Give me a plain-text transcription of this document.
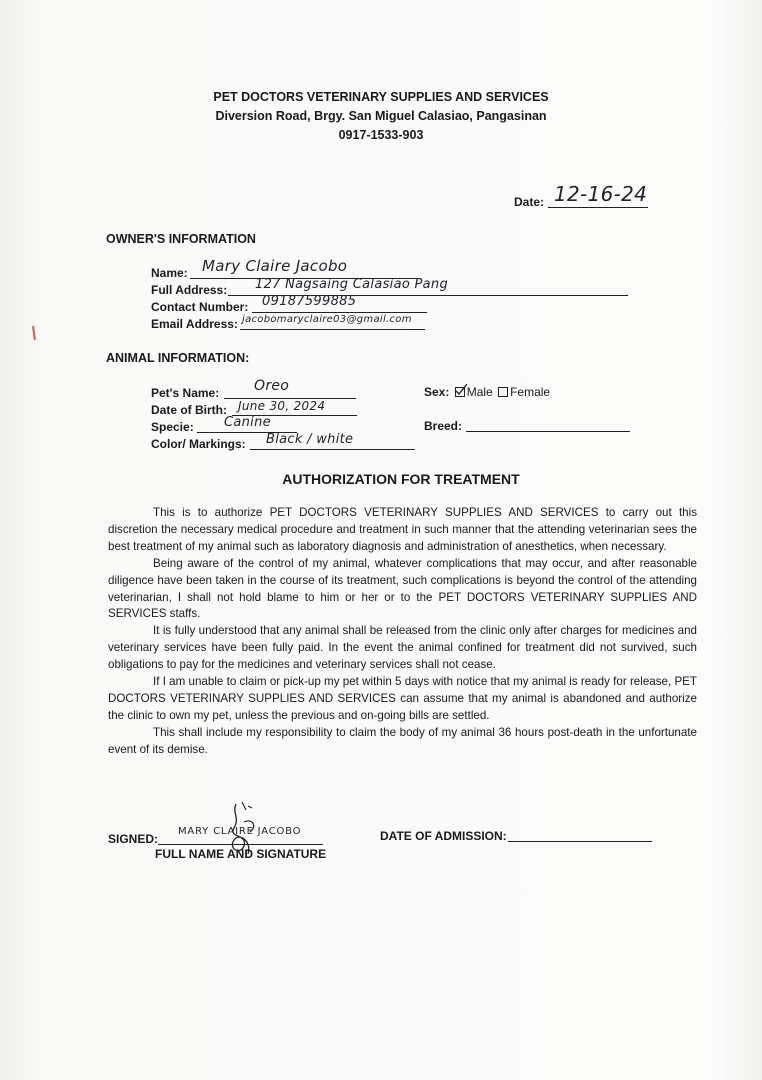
PET DOCTORS VETERINARY SUPPLIES AND SERVICES
Diversion Road, Brgy. San Miguel Calasiao, Pangasinan
0917-1533-903
Date: 12-16-24
OWNER'S INFORMATION
Name: Mary Claire Jacobo
Full Address: 127 Nagsaing Calasiao Pang
Contact Number: 09187599885
Email Address: jacobomaryclaire03@gmail.com
ANIMAL INFORMATION:
Pet's Name: Oreo
Date of Birth: June 30, 2024
Specie: Canine
Color/ Markings: Black / white
Sex: Male Female
Breed:
AUTHORIZATION FOR TREATMENT

This is to authorize PET DOCTORS VETERINARY SUPPLIES AND SERVICES to carry out this discretion the necessary medical procedure and treatment in such manner that the attending veterinarian sees the best treatment of my animal such as laboratory diagnosis and administration of anesthetics, when necessary.

Being aware of the control of my animal, whatever complications that may occur, and after reasonable diligence have been taken in the course of its treatment, such complications is beyond the control of the attending veterinarian, I shall not hold blame to him or her or to the PET DOCTORS VETERINARY SUPPLIES AND SERVICES staffs.

It is fully understood that any animal shall be released from the clinic only after charges for medicines and veterinary services have been fully paid. In the event the animal confined for treatment did not survived, such obligations to pay for the medicines and veterinary services shall not cease.

If I am unable to claim or pick-up my pet within 5 days with notice that my animal is ready for release, PET DOCTORS VETERINARY SUPPLIES AND SERVICES can assume that my animal is abandoned and authorize the clinic to own my pet, unless the previous and on-going bills are settled.

This shall include my responsibility to claim the body of my animal 36 hours post-death in the unfortunate event of its demise.

SIGNED:
MARY CLAIRE JACOBO
FULL NAME AND SIGNATURE
DATE OF ADMISSION:
